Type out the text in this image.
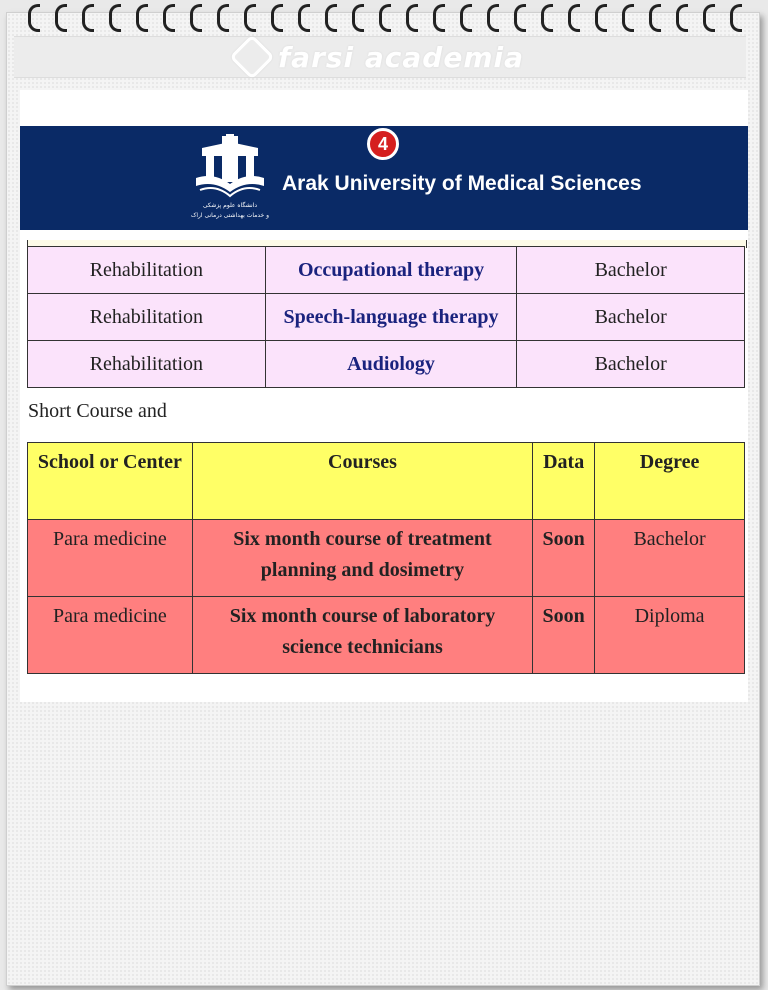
farsi academia
دانشگاه علوم پزشکی
و خدمات بهداشتی درمانی اراک
4
Arak University of Medical Sciences
Rehabilitation	Occupational therapy	Bachelor
Rehabilitation	Speech-language therapy	Bachelor
Rehabilitation	Audiology	Bachelor
Short Course and
School or Center	Courses	Data	Degree
Para medicine	Six month course of treatment planning and dosimetry	Soon	Bachelor
Para medicine	Six month course of laboratory science technicians	Soon	Diploma
